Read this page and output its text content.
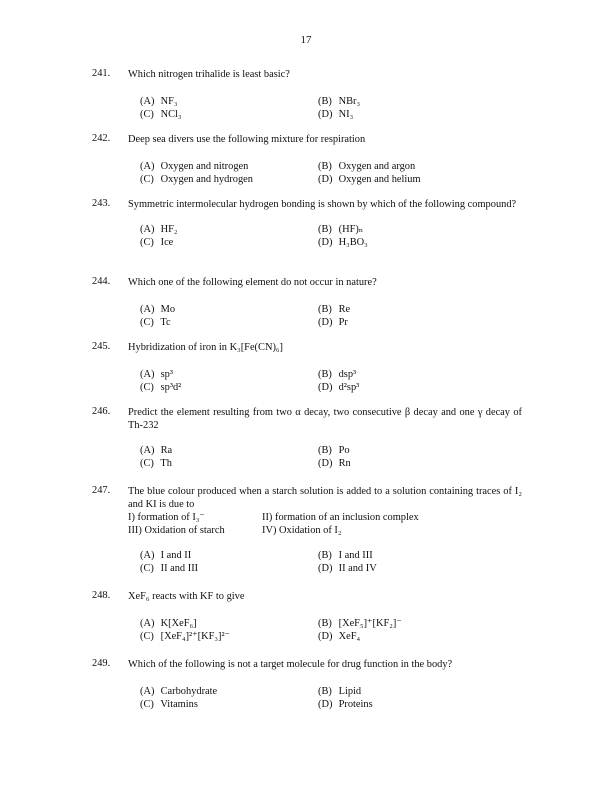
17
241. Which nitrogen trihalide is least basic?
(A) NF₃	(B) NBr₃
(C) NCl₃	(D) NI₃
242. Deep sea divers use the following mixture for respiration
(A) Oxygen and nitrogen	(B) Oxygen and argon
(C) Oxygen and hydrogen	(D) Oxygen and helium
243. Symmetric intermolecular hydrogen bonding is shown by which of the following compound?
(A) HF₂	(B) (HF)ₙ
(C) Ice	(D) H₃BO₃
244. Which one of the following element do not occur in nature?
(A) Mo	(B) Re
(C) Tc	(D) Pr
245. Hybridization of iron in K₃[Fe(CN)₆]
(A) sp³	(B) dsp³
(C) sp³d²	(D) d²sp³
246. Predict the element resulting from two α decay, two consecutive β decay and one γ decay of Th-232
(A) Ra	(B) Po
(C) Th	(D) Rn
247. The blue colour produced when a starch solution is added to a solution containing traces of I₂ and KI is due to
I) formation of I₃⁻	II) formation of an inclusion complex
III) Oxidation of starch	IV) Oxidation of I₂
(A) I and II	(B) I and III
(C) II and III	(D) II and IV
248. XeF₆ reacts with KF to give
(A) K[XeF₆]	(B) [XeF₅]⁺[KF₂]⁻
(C) [XeF₄]²⁺[KF₃]²⁻	(D) XeF₄
249. Which of the following is not a target molecule for drug function in the body?
(A) Carbohydrate	(B) Lipid
(C) Vitamins	(D) Proteins
